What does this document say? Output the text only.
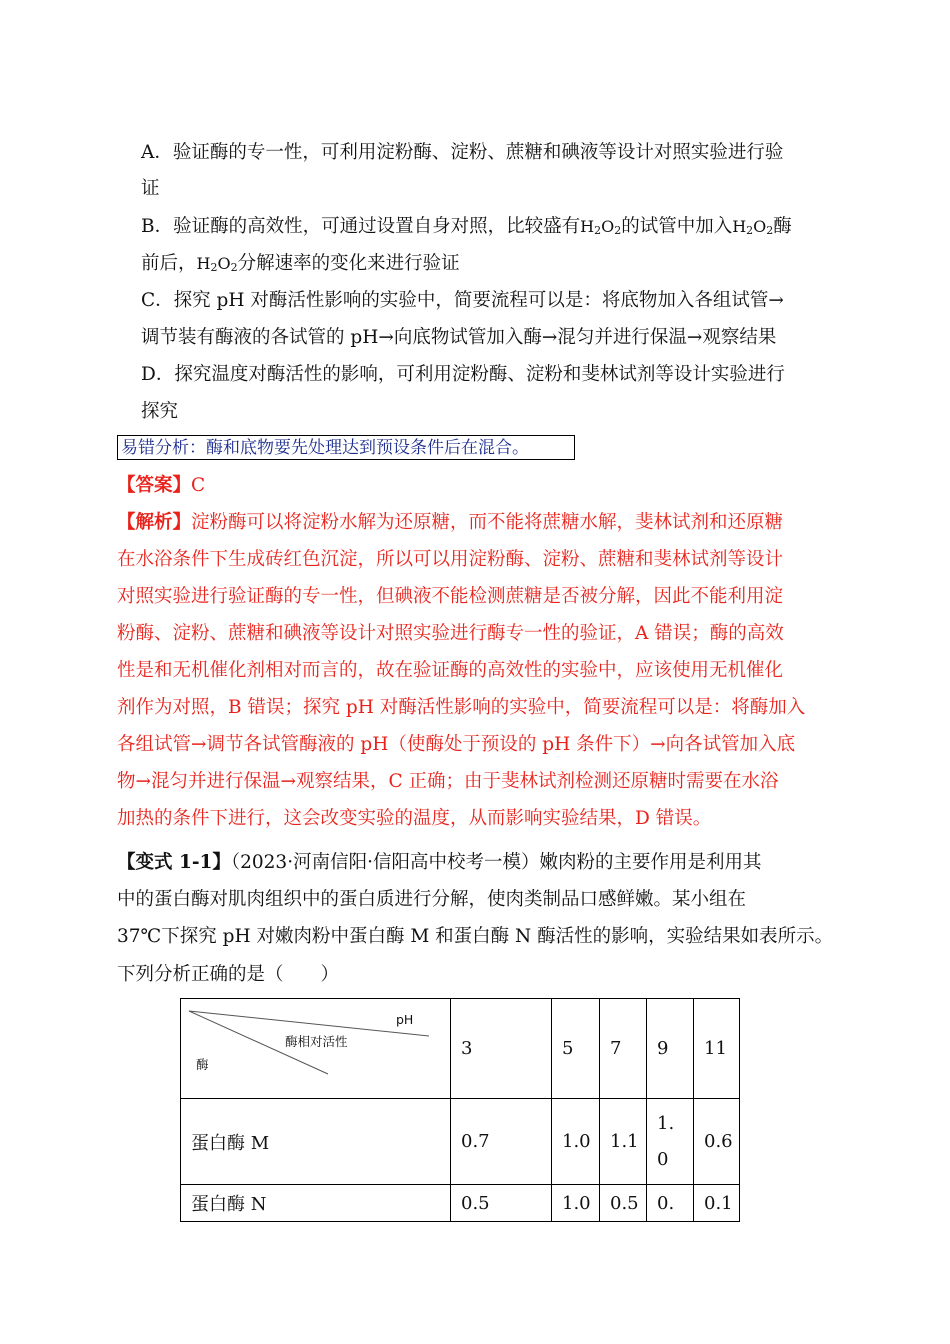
A．验证酶的专一性，可利用淀粉酶、淀粉、蔗糖和碘液等设计对照实验进行验
证
B．验证酶的高效性，可通过设置自身对照，比较盛有$H_2O_2$的试管中加入$H_2O_2$酶
前后，$H_2O_2$分解速率的变化来进行验证
C．探究 pH 对酶活性影响的实验中，简要流程可以是：将底物加入各组试管→
调节装有酶液的各试管的 pH→向底物试管加入酶→混匀并进行保温→观察结果
D．探究温度对酶活性的影响，可利用淀粉酶、淀粉和斐林试剂等设计实验进行
探究
易错分析：酶和底物要先处理达到预设条件后在混合。
【答案】C
【解析】淀粉酶可以将淀粉水解为还原糖，而不能将蔗糖水解，斐林试剂和还原糖
在水浴条件下生成砖红色沉淀，所以可以用淀粉酶、淀粉、蔗糖和斐林试剂等设计
对照实验进行验证酶的专一性，但碘液不能检测蔗糖是否被分解，因此不能利用淀
粉酶、淀粉、蔗糖和碘液等设计对照实验进行酶专一性的验证，A 错误；酶的高效
性是和无机催化剂相对而言的，故在验证酶的高效性的实验中，应该使用无机催化
剂作为对照，B 错误；探究 pH 对酶活性影响的实验中，简要流程可以是：将酶加入
各组试管→调节各试管酶液的 pH（使酶处于预设的 pH 条件下）→向各试管加入底
物→混匀并进行保温→观察结果，C 正确；由于斐林试剂检测还原糖时需要在水浴
加热的条件下进行，这会改变实验的温度，从而影响实验结果，D 错误。
【变式 1-1】（2023·河南信阳·信阳高中校考一模）嫩肉粉的主要作用是利用其
中的蛋白酶对肌肉组织中的蛋白质进行分解，使肉类制品口感鲜嫩。某小组在
37℃下探究 pH 对嫩肉粉中蛋白酶 M 和蛋白酶 N 酶活性的影响，实验结果如表所示。
下列分析正确的是（　　）
pH
酶相对活性
酶	3	5	7	9	11

蛋白酶 M	0.7	1.0	1.1	1.0	0.6

蛋白酶 N	0.5	1.0	0.5	0.	0.1
